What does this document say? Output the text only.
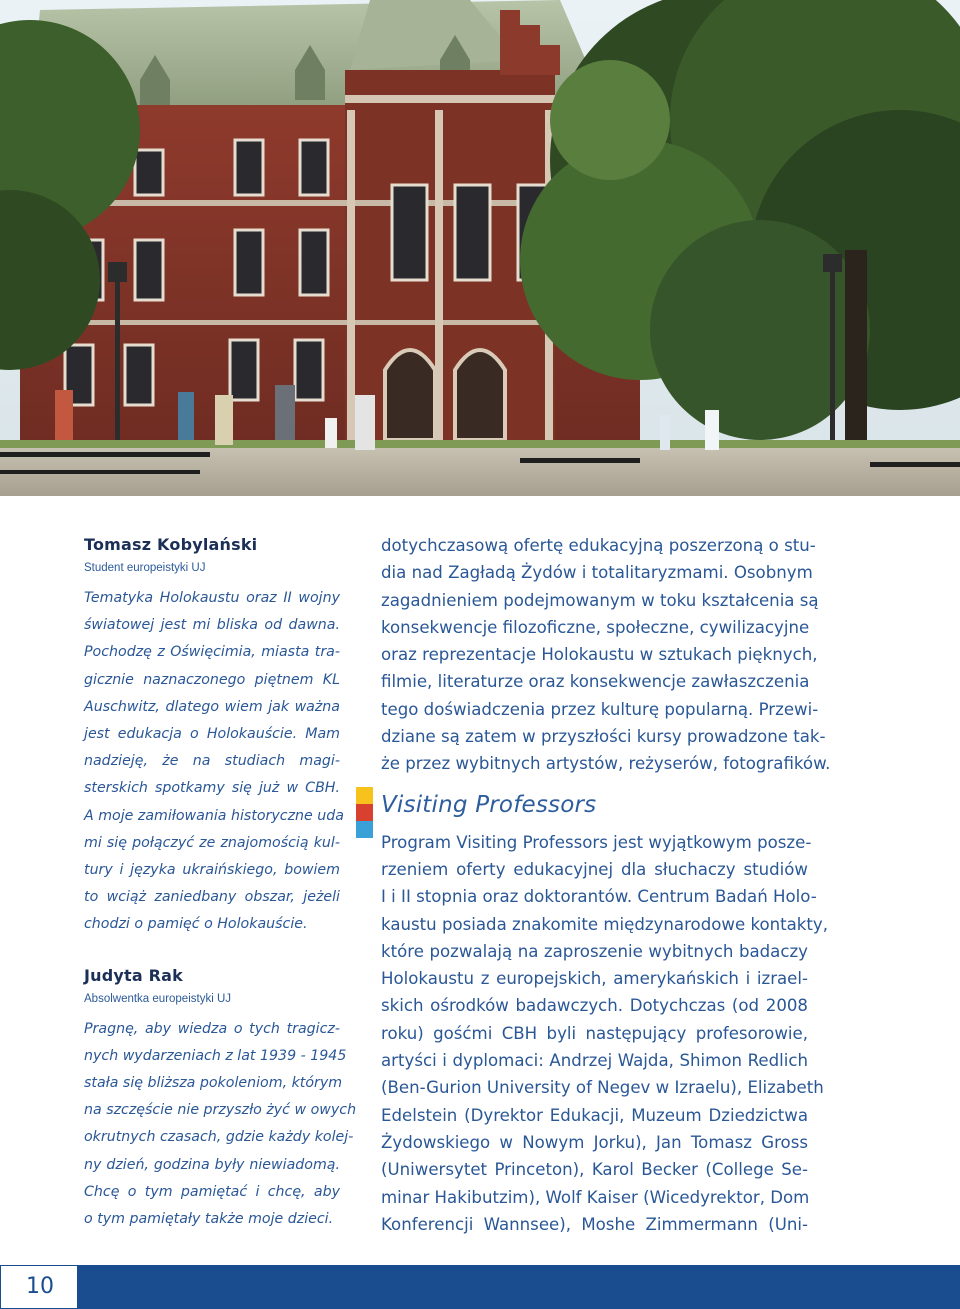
Tomasz Kobylański
Student europeistyki UJ
Tematyka Holokaustu oraz II wojny
światowej jest mi bliska od dawna.
Pochodzę z Oświęcimia, miasta tra-
gicznie naznaczonego piętnem KL
Auschwitz, dlatego wiem jak ważna
jest edukacja o Holokauście. Mam
nadzieję, że na studiach magi-
sterskich spotkamy się już w CBH.
A moje zamiłowania historyczne uda
mi się połączyć ze znajomością kul-
tury i języka ukraińskiego, bowiem
to wciąż zaniedbany obszar, jeżeli
chodzi o pamięć o Holokauście.
Judyta Rak
Absolwentka europeistyki UJ
Pragnę, aby wiedza o tych tragicz-
nych wydarzeniach z lat 1939 - 1945
stała się bliższa pokoleniom, którym
na szczęście nie przyszło żyć w owych
okrutnych czasach, gdzie każdy kolej-
ny dzień, godzina były niewiadomą.
Chcę o tym pamiętać i chcę, aby
o tym pamiętały także moje dzieci.
dotychczasową ofertę edukacyjną poszerzoną o stu-
dia nad Zagładą Żydów i totalitaryzmami. Osobnym
zagadnieniem podejmowanym w toku kształcenia są
konsekwencje filozoficzne, społeczne, cywilizacyjne
oraz reprezentacje Holokaustu w sztukach pięknych,
filmie, literaturze oraz konsekwencje zawłaszczenia
tego doświadczenia przez kulturę popularną. Przewi-
dziane są zatem w przyszłości kursy prowadzone tak-
że przez wybitnych artystów, reżyserów, fotografików.
Visiting Professors
Program Visiting Professors jest wyjątkowym posze-
rzeniem oferty edukacyjnej dla słuchaczy studiów
I i II stopnia oraz doktorantów. Centrum Badań Holo-
kaustu posiada znakomite międzynarodowe kontakty,
które pozwalają na zaproszenie wybitnych badaczy
Holokaustu z europejskich, amerykańskich i izrael-
skich ośrodków badawczych. Dotychczas (od 2008
roku) gośćmi CBH byli następujący profesorowie,
artyści i dyplomaci: Andrzej Wajda, Shimon Redlich
(Ben-Gurion University of Negev w Izraelu), Elizabeth
Edelstein (Dyrektor Edukacji, Muzeum Dziedzictwa
Żydowskiego w Nowym Jorku), Jan Tomasz Gross
(Uniwersytet Princeton), Karol Becker (College Se-
minar Hakibutzim), Wolf Kaiser (Wicedyrektor, Dom
Konferencji Wannsee), Moshe Zimmermann (Uni-
10
